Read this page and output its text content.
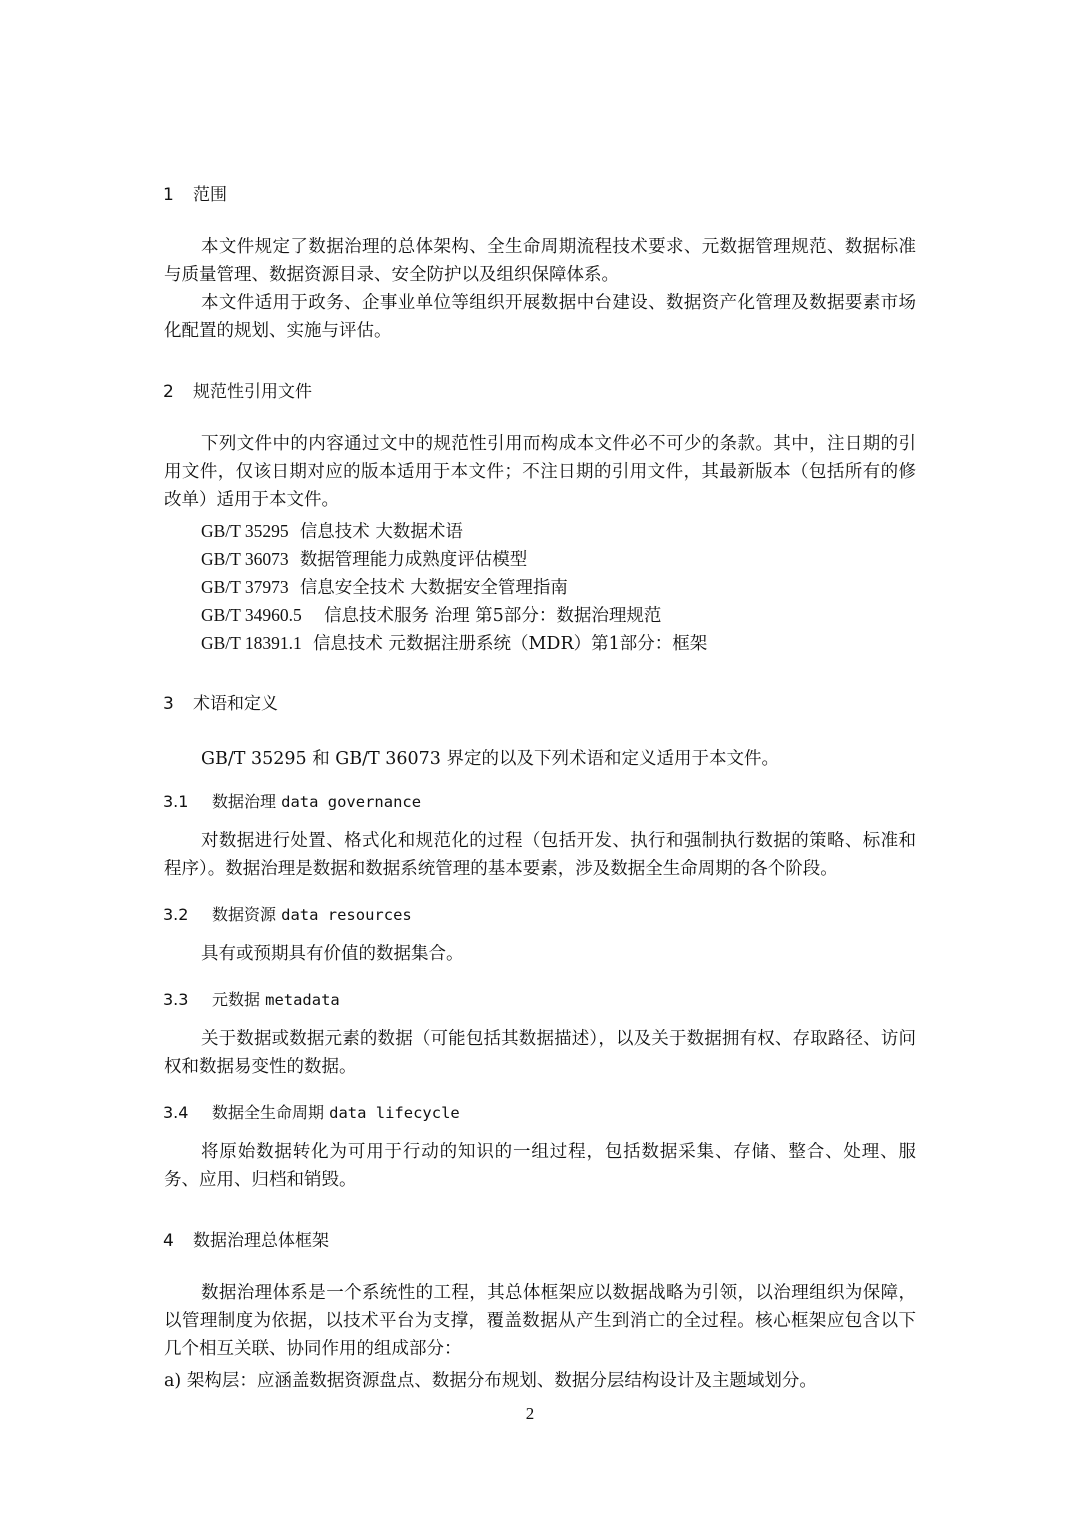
1 范围

本文件规定了数据治理的总体架构、全生命周期流程技术要求、元数据管理规范、数据标准与质量管理、数据资源目录、安全防护以及组织保障体系。

本文件适用于政务、企事业单位等组织开展数据中台建设、数据资产化管理及数据要素市场化配置的规划、实施与评估。

2 规范性引用文件

下列文件中的内容通过文中的规范性引用而构成本文件必不可少的条款。其中，注日期的引用文件，仅该日期对应的版本适用于本文件；不注日期的引用文件，其最新版本（包括所有的修改单）适用于本文件。

GB/T 35295 信息技术 大数据术语
GB/T 36073 数据管理能力成熟度评估模型
GB/T 37973 信息安全技术 大数据安全管理指南
GB/T 34960.5 信息技术服务 治理 第5部分：数据治理规范
GB/T 18391.1 信息技术 元数据注册系统（MDR）第1部分：框架
3 术语和定义
GB/T 35295 和 GB/T 36073 界定的以及下列术语和定义适用于本文件。
3.1 数据治理 data governance

对数据进行处置、格式化和规范化的过程（包括开发、执行和强制执行数据的策略、标准和程序）。数据治理是数据和数据系统管理的基本要素，涉及数据全生命周期的各个阶段。

3.2 数据资源 data resources

具有或预期具有价值的数据集合。

3.3 元数据 metadata

关于数据或数据元素的数据（可能包括其数据描述），以及关于数据拥有权、存取路径、访问权和数据易变性的数据。

3.4 数据全生命周期 data lifecycle

将原始数据转化为可用于行动的知识的一组过程，包括数据采集、存储、整合、处理、服务、应用、归档和销毁。

4 数据治理总体框架

数据治理体系是一个系统性的工程，其总体框架应以数据战略为引领，以治理组织为保障，以管理制度为依据，以技术平台为支撑，覆盖数据从产生到消亡的全过程。核心框架应包含以下几个相互关联、协同作用的组成部分：

a) 架构层：应涵盖数据资源盘点、数据分布规划、数据分层结构设计及主题域划分。
2
